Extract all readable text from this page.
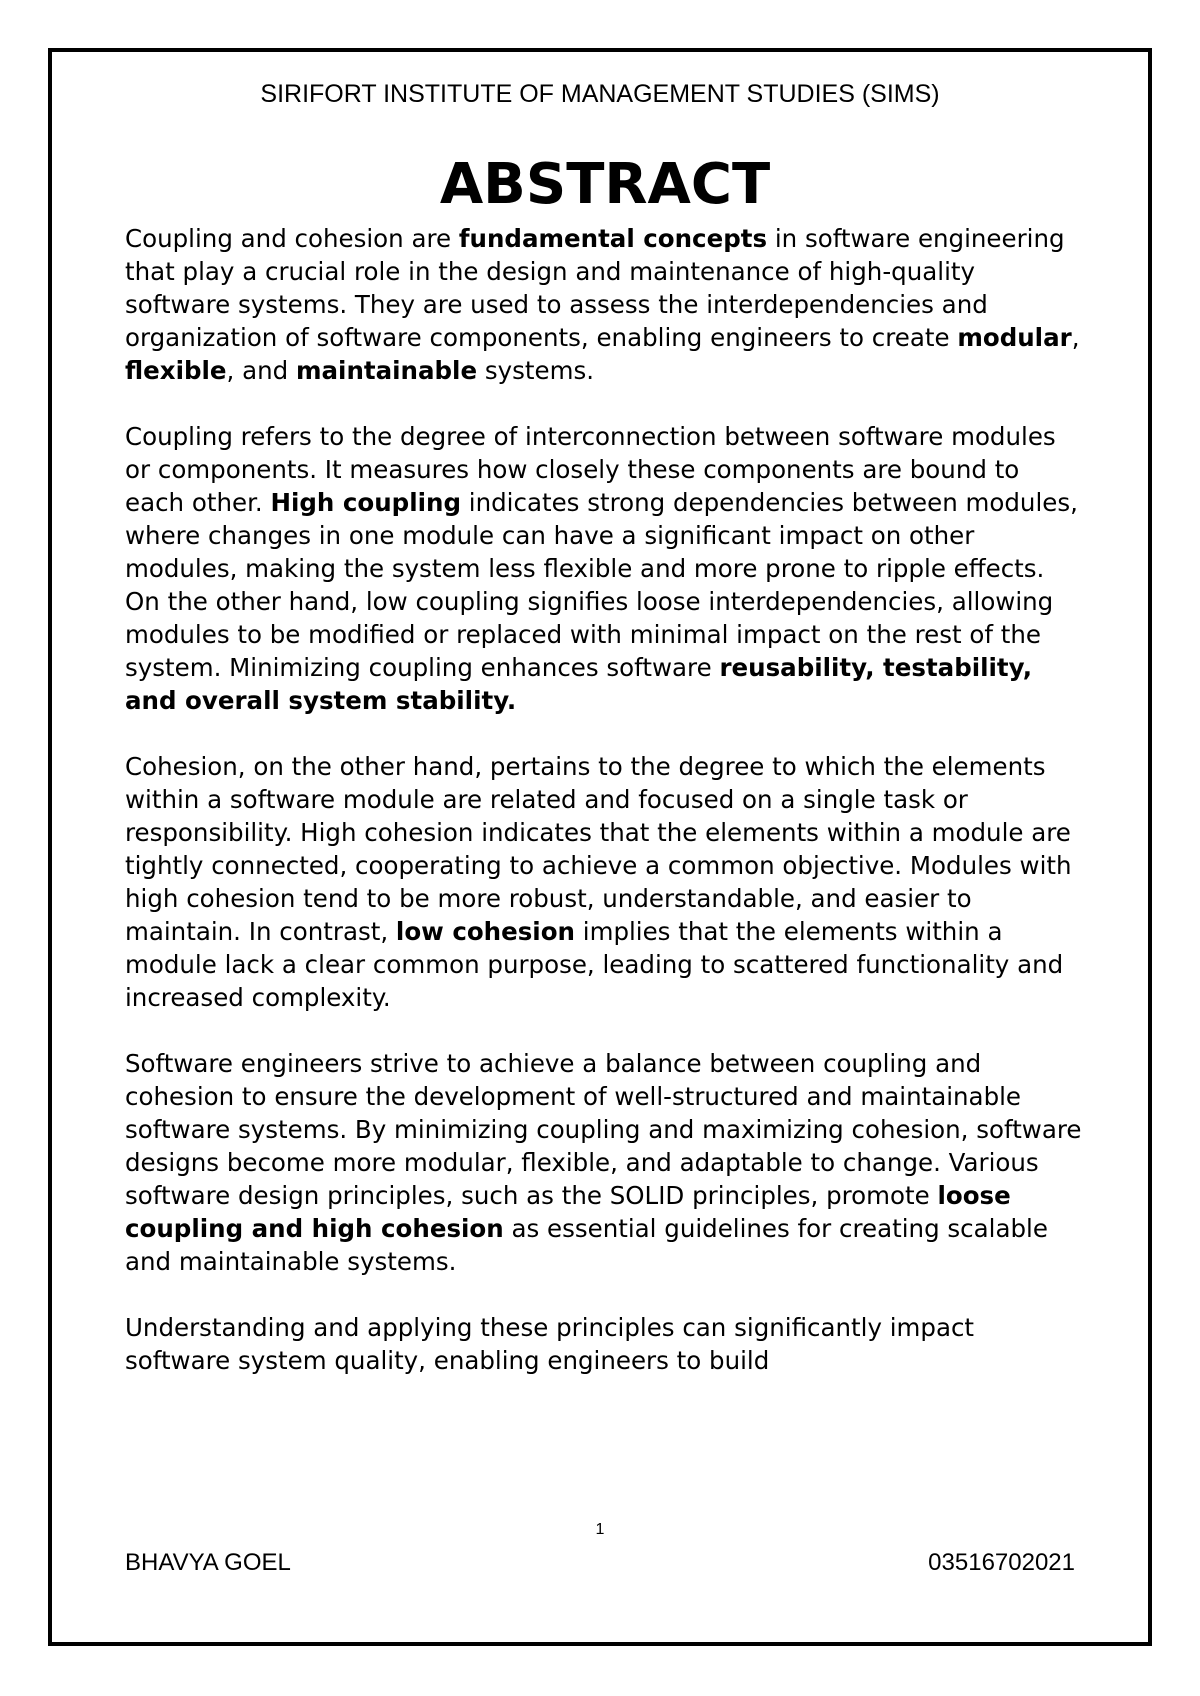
SIRIFORT INSTITUTE OF MANAGEMENT STUDIES (SIMS)
ABSTRACT

Coupling and cohesion are fundamental concepts in software engineering that play a crucial role in the design and maintenance of high-quality software systems. They are used to assess the interdependencies and organization of software components, enabling engineers to create modular, flexible, and maintainable systems.

Coupling refers to the degree of interconnection between software modules or components. It measures how closely these components are bound to each other. High coupling indicates strong dependencies between modules, where changes in one module can have a significant impact on other modules, making the system less flexible and more prone to ripple effects. On the other hand, low coupling signifies loose interdependencies, allowing modules to be modified or replaced with minimal impact on the rest of the system. Minimizing coupling enhances software reusability, testability, and overall system stability.

Cohesion, on the other hand, pertains to the degree to which the elements within a software module are related and focused on a single task or responsibility. High cohesion indicates that the elements within a module are tightly connected, cooperating to achieve a common objective. Modules with high cohesion tend to be more robust, understandable, and easier to maintain. In contrast, low cohesion implies that the elements within a module lack a clear common purpose, leading to scattered functionality and increased complexity.

Software engineers strive to achieve a balance between coupling and cohesion to ensure the development of well-structured and maintainable software systems. By minimizing coupling and maximizing cohesion, software designs become more modular, flexible, and adaptable to change. Various software design principles, such as the SOLID principles, promote loose coupling and high cohesion as essential guidelines for creating scalable and maintainable systems.

Understanding and applying these principles can significantly impact software system quality, enabling engineers to build

1
BHAVYA GOEL	03516702021
